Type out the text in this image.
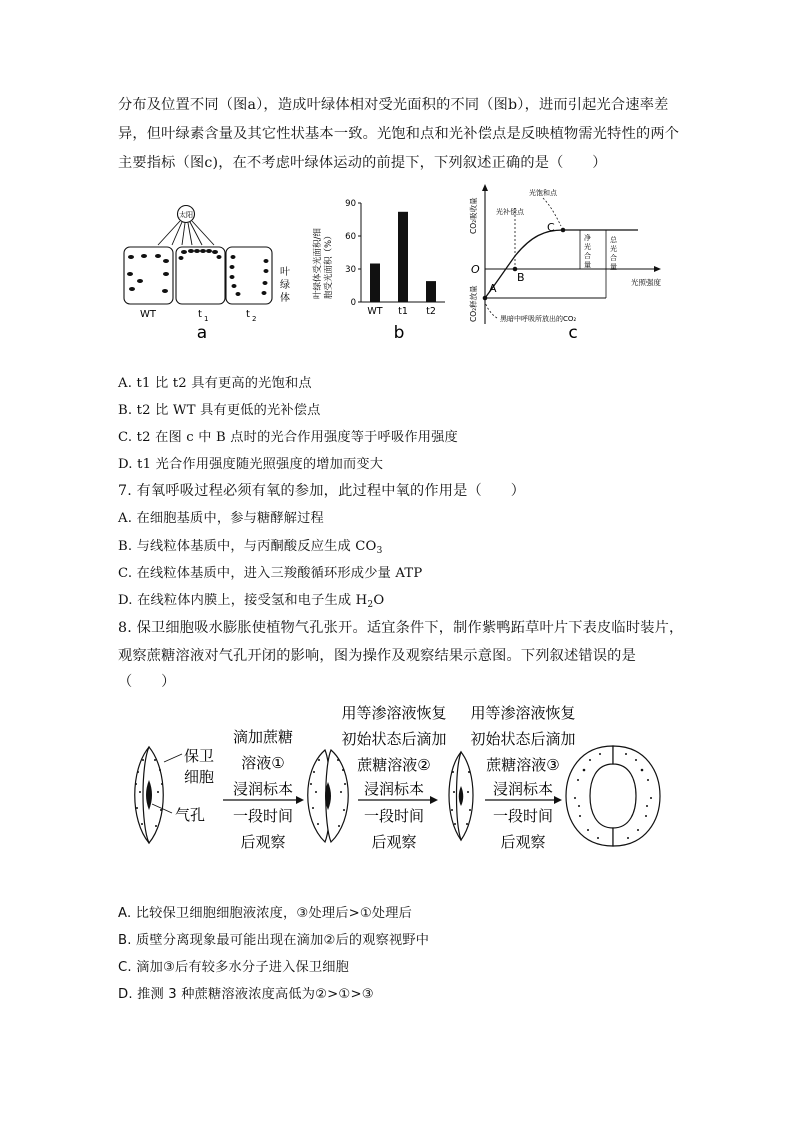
分布及位置不同（图a），造成叶绿体相对受光面积的不同（图b），进而引起光合速率差
异，但叶绿素含量及其它性状基本一致。光饱和点和光补偿点是反映植物需光特性的两个
主要指标（图c)，在不考虑叶绿体运动的前提下，下列叙述正确的是（　　）
太阳
叶
绿
体
WT	t 1	t 2
a
叶绿体受光面积/细 胞受光面积（%）
0
30
60
90
WT t1 t2
b
CO₂吸收量
CO₂释放量
O
光照强度
A
B
C
光饱和点
光补偿点
净
光
合
量
总
光
合
量
黑暗中呼吸所放出的CO₂
c
A. t1 比 t2 具有更高的光饱和点
B. t2 比 WT 具有更低的光补偿点
C. t2 在图 c 中 B 点时的光合作用强度等于呼吸作用强度
D. t1 光合作用强度随光照强度的增加而变大
7. 有氧呼吸过程必须有氧的参加，此过程中氧的作用是（　　）
A. 在细胞基质中，参与糖酵解过程
B. 与线粒体基质中，与丙酮酸反应生成 $CO_3$
C. 在线粒体基质中，进入三羧酸循环形成少量 ATP
D. 在线粒体内膜上，接受氢和电子生成 $H_2O$
8. 保卫细胞吸水膨胀使植物气孔张开。适宜条件下，制作紫鸭跖草叶片下表皮临时装片，
观察蔗糖溶液对气孔开闭的影响，图为操作及观察结果示意图。下列叙述错误的是
（　　）
保卫
细胞
气孔
滴加蔗糖
溶液①
浸润标本
一段时间
后观察
用等渗溶液恢复
初始状态后滴加
蔗糖溶液②
浸润标本
一段时间
后观察
用等渗溶液恢复
初始状态后滴加
蔗糖溶液③
浸润标本
一段时间
后观察
A. 比较保卫细胞细胞液浓度，③处理后>①处理后
B. 质壁分离现象最可能出现在滴加②后的观察视野中
C. 滴加③后有较多水分子进入保卫细胞
D. 推测 3 种蔗糖溶液浓度高低为②>①>③
